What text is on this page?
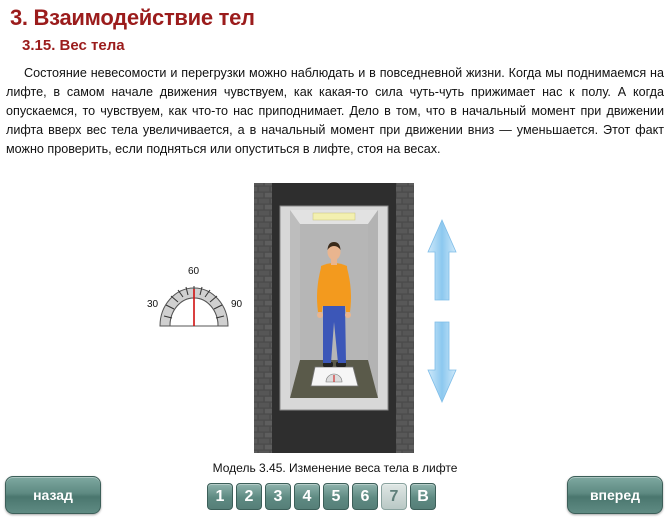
3. Взаимодействие тел
3.15. Вес тела

Состояние невесомости и перегрузки можно наблюдать и в повседневной жизни. Когда мы поднимаемся на лифте, в самом начале движения чувствуем, как какая-то сила чуть-чуть прижимает нас к полу. А когда опускаемся, то чувствуем, как что-то нас приподнимает. Дело в том, что в начальный момент при движении лифта вверх вес тела увеличивается, а в начальный момент при движении вниз — уменьшается. Этот факт можно проверить, если подняться или опуститься в лифте, стоя на весах.

30
60
90
Модель 3.45. Изменение веса тела в лифте
назад	1	2	3	4	5	6	7	В	вперед
